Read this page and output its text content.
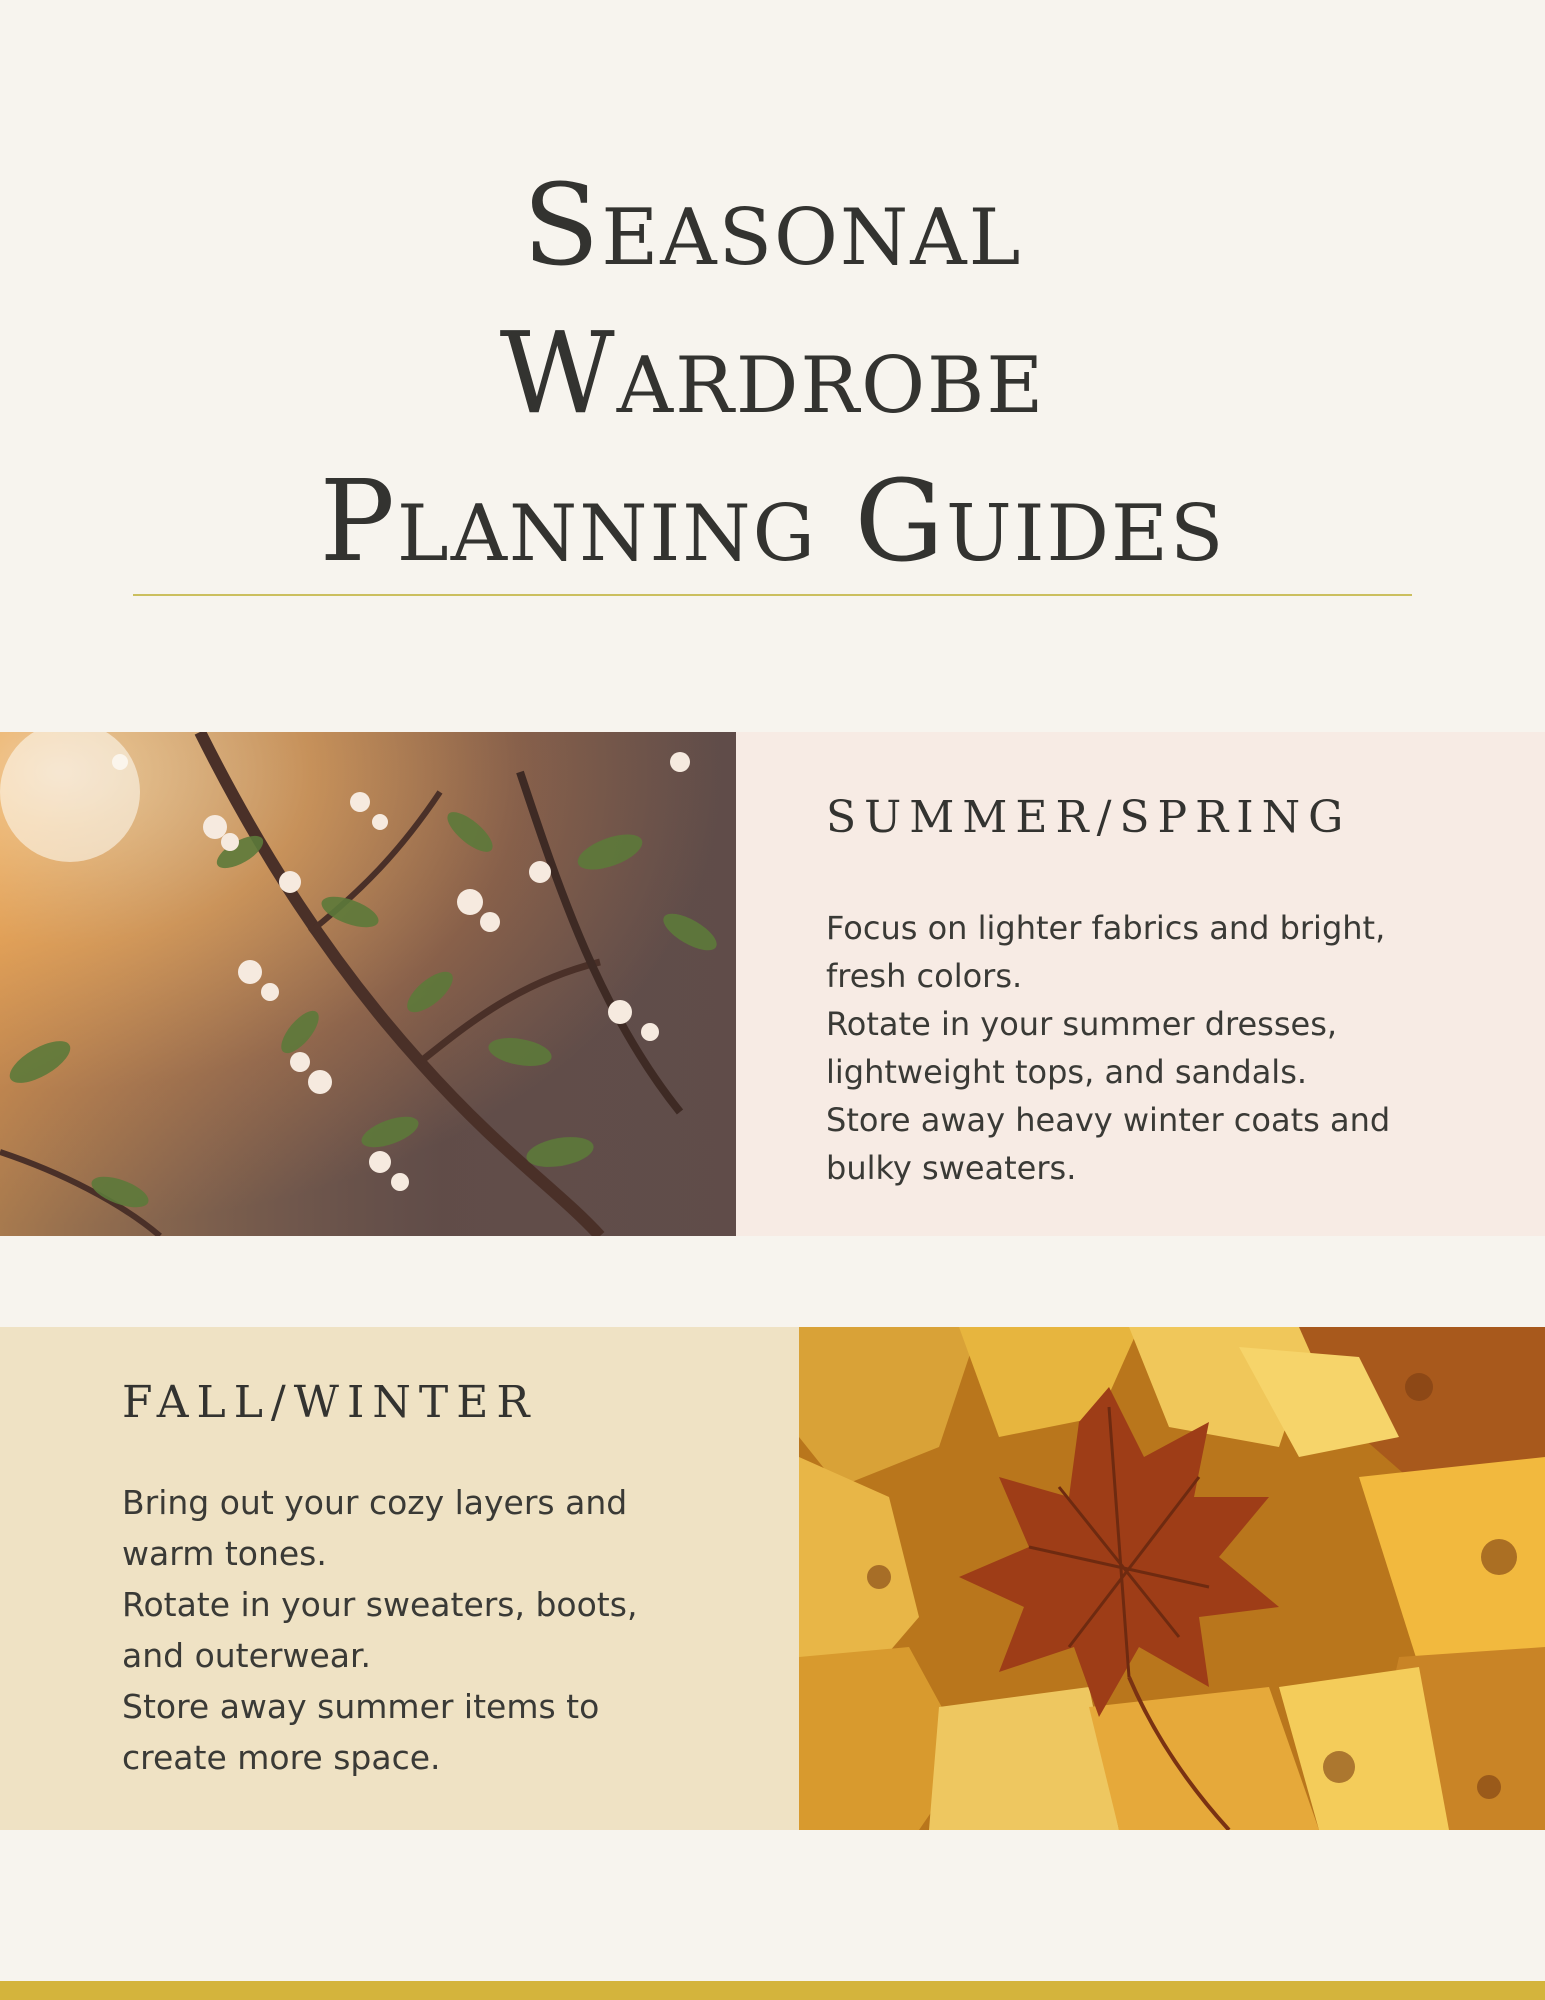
Seasonal
Wardrobe
Planning Guides
SUMMER/SPRING

Focus on lighter fabrics and bright,
fresh colors.
Rotate in your summer dresses,
lightweight tops, and sandals.
Store away heavy winter coats and
bulky sweaters.

FALL/WINTER

Bring out your cozy layers and
warm tones.
Rotate in your sweaters, boots,
and outerwear.
Store away summer items to
create more space.
